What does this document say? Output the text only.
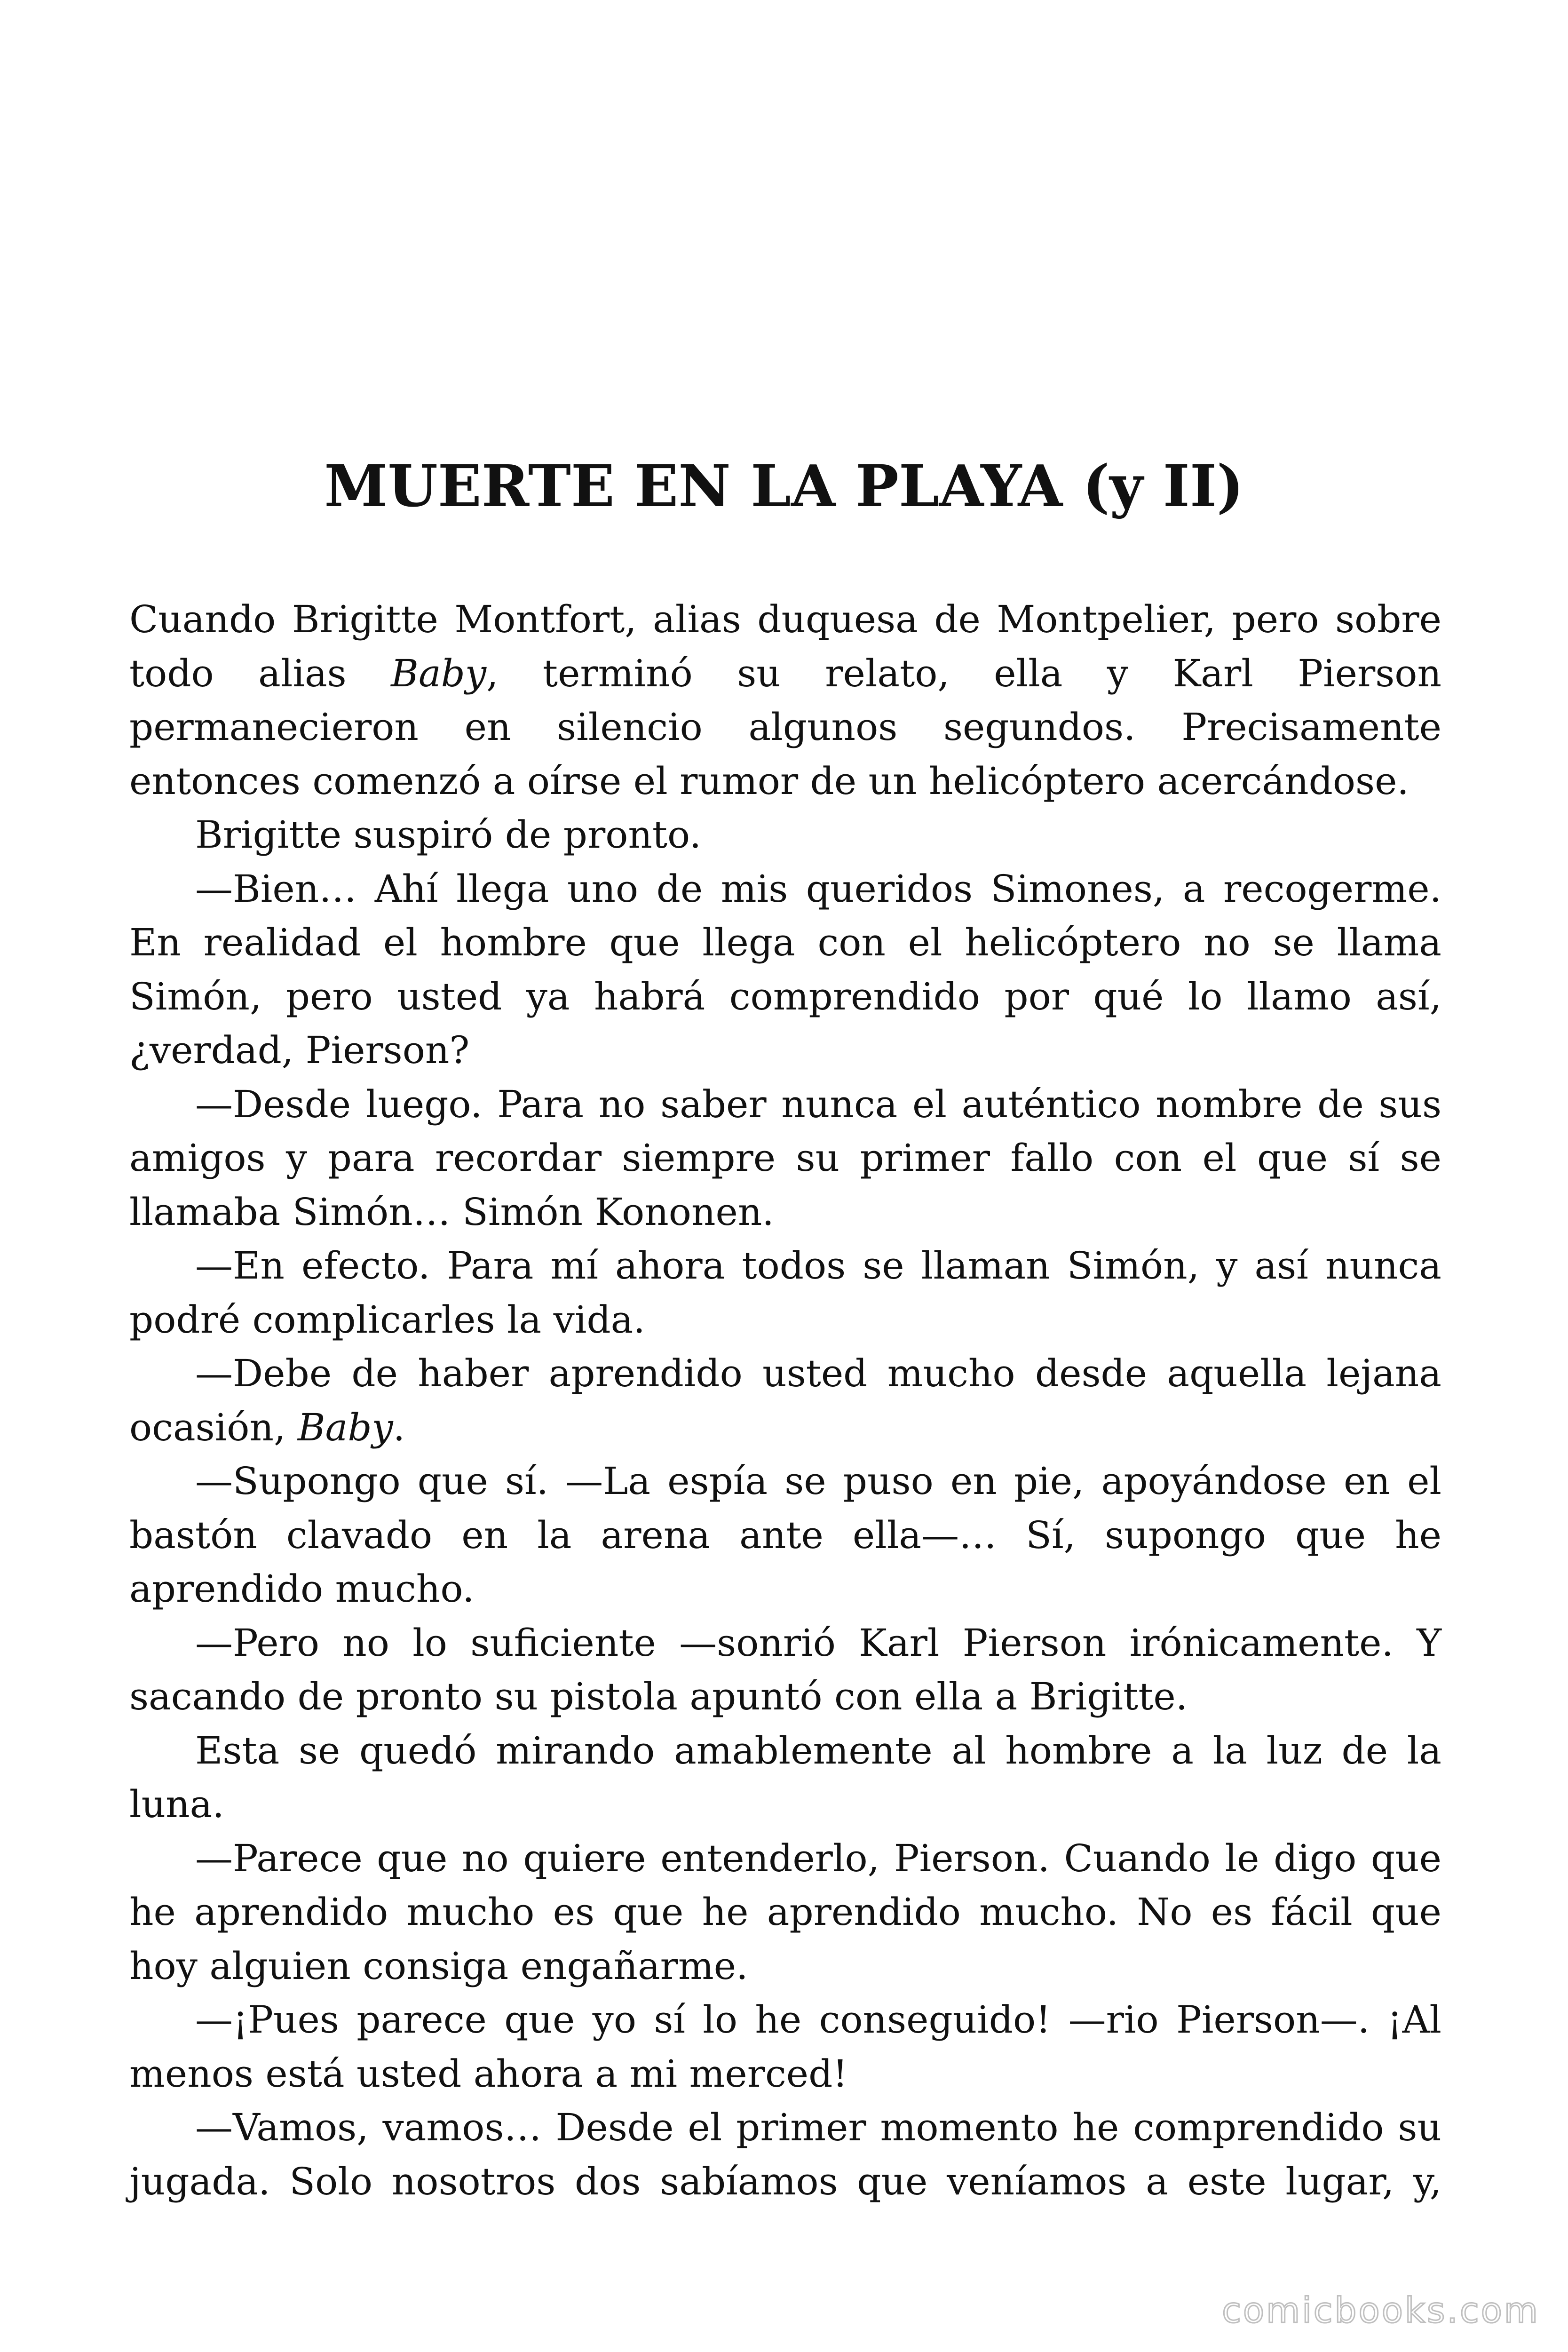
MUERTE EN LA PLAYA (y II)

Cuando Brigitte Montfort, alias duquesa de Montpelier, pero sobre todo alias Baby, terminó su relato, ella y Karl Pierson permanecieron en silencio algunos segundos. Precisamente entonces comenzó a oírse el rumor de un helicóptero acercándose.

Brigitte suspiró de pronto.

—Bien… Ahí llega uno de mis queridos Simones, a recogerme. En realidad el hombre que llega con el helicóptero no se llama Simón, pero usted ya habrá comprendido por qué lo llamo así, ¿verdad, Pierson?

—Desde luego. Para no saber nunca el auténtico nombre de sus amigos y para recordar siempre su primer fallo con el que sí se llamaba Simón… Simón Kononen.

—En efecto. Para mí ahora todos se llaman Simón, y así nunca podré complicarles la vida.

—Debe de haber aprendido usted mucho desde aquella lejana ocasión, Baby.

—Supongo que sí. —La espía se puso en pie, apoyándose en el bastón clavado en la arena ante ella—… Sí, supongo que he aprendido mucho.

—Pero no lo suficiente —sonrió Karl Pierson irónicamente. Y sacando de pronto su pistola apuntó con ella a Brigitte.

Esta se quedó mirando amablemente al hombre a la luz de la luna.

—Parece que no quiere entenderlo, Pierson. Cuando le digo que he aprendido mucho es que he aprendido mucho. No es fácil que hoy alguien consiga engañarme.

—¡Pues parece que yo sí lo he conseguido! —rio Pierson—. ¡Al menos está usted ahora a mi merced!

—Vamos, vamos… Desde el primer momento he comprendido su jugada. Solo nosotros dos sabíamos que veníamos a este lugar, y,

comicbooks.com
